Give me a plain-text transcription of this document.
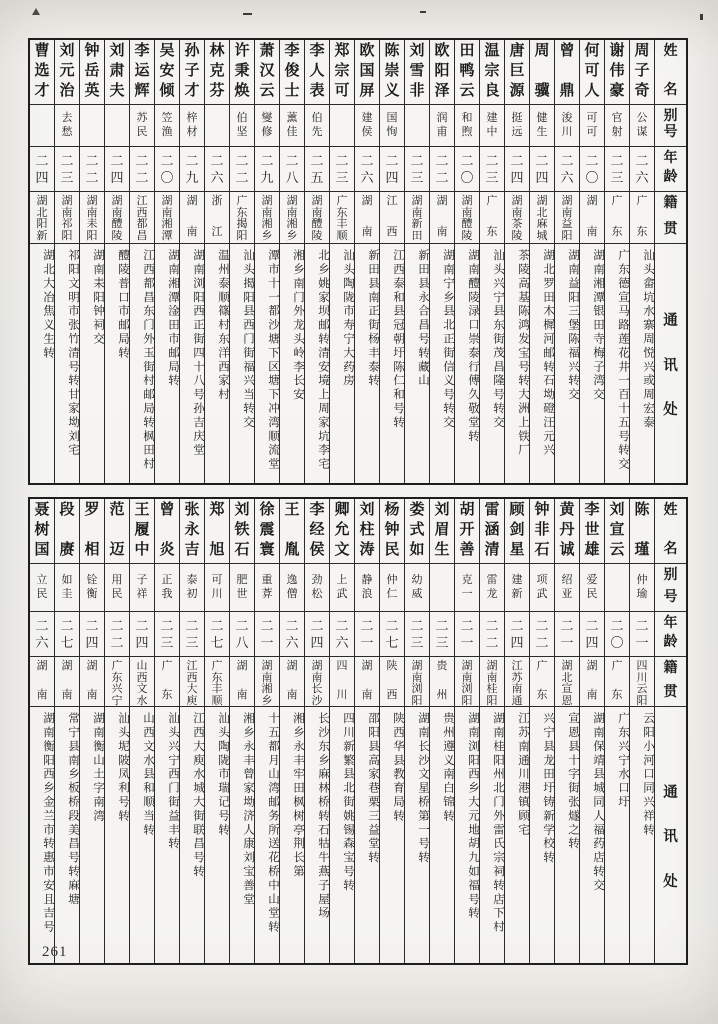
姓
名
别
号
年
龄
籍
贯
通
讯
处
周
子
奇
公
谋
二
六
广
东
汕头畲坑水寨周悦兴或周宏泰
谢
伟
豪
官
射
二
三
广
东
广东德宣马路莲花井一百十五号转交
何
可
人
可
可
二
〇
湖
南
湖南湘潭银田寺梅子湾交
曾
鼎
浚
川
二
六
湖
南
益
阳
湖南益阳三堡陈福兴转交
周
骥
健
生
二
四
湖
北
麻
城
湖北罗田木樨河邮转石坳磴汪元兴
唐
巨
源
挺
远
二
四
湖
南
茶
陵
茶陵高基陈鸿发宝号转大洲上铁厂
温
宗
良
建
中
二
三
广
东
汕头兴宁县东街茂昌隆号转交
田
鸭
云
和
煦
二
〇
湖
南
醴
陵
湖南醴陵渌口崇泰行傅久敬堂转
欧
阳
泽
润
甫
二
二
湖
南
湖南宁乡县北正街信义号转交
刘
雪
非
二
三
湖
南
新
田
新田县永合昌号转藏山
陈
崇
义
国
恂
二
四
江
西
江西泰和县冠朝圩陈仁和号转
欧
国
屏
建
侯
二
六
湖
南
新田县南正街杨丰泰转
郑
宗
可
二
三
广
东
丰
顺
汕头陶陇市寿宁大药房
李
人
表
伯
先
二
五
湖
南
醴
陵
北乡姚家坝邮转清安境上周家坑李宅
李
俊
士
薰
佳
二
八
湖
南
湘
乡
湘乡南门外龙头岭李长安
萧
汉
云
燮
修
二
九
湖
南
湘
乡
潭市十一都沙塘下区塘下冲湾顺流堂
许
秉
焕
伯
坚
二
二
广
东
揭
阳
汕头揭阳县西门街福兴当转交
林
克
芬
二
六
浙
江
温州泰顺篠村东洋西家村
孙
子
才
梓
材
二
九
湖
南
湖南浏阳西正街四十八号孙吉庆堂
吴
安
倾
笠
渔
二
〇
湖
南
湘
潭
湖南湘潭淦田市邮局转
李
运
辉
苏
民
二
二
江
西
都
昌
江西都昌东门外玉街村邮局转枫田村
刘
肃
夫
二
四
湖
南
醴
陵
醴陵普口市邮局转
钟
岳
英
二
二
湖
南
耒
阳
湖南耒阳钟祠交
刘
元
治
去
愁
二
三
湖
南
祁
阳
祁阳文明市张竹清号转甘家坳刘宅
曹
选
才
二
四
湖
北
阳
新
湖北大冶焦义生转
姓
名
别
号
年
龄
籍
贯
通
讯
处
陈
瑾
仲
瑜
二
一
四
川
云
阳
云阳小河口同兴祥转
刘
宣
云
二
〇
广
东
广东兴宁水口圩
李
世
雄
爱
民
二
四
湖
南
湖南保靖县城同人福药店转交
黄
丹
诚
绍
亚
二
一
湖
北
宣
恩
宣恩县十字街张燧之转
钟
非
石
项
武
二
二
广
东
兴宁县龙田圩铸新学校转
顾
剑
星
建
新
二
四
江
苏
南
通
江苏南通川港镇顾宅
雷
涵
清
雷
龙
二
二
湖
南
桂
阳
湖南桂阳州北门外雷氏宗祠转店下村
胡
开
善
克
一
二
一
湖
南
浏
阳
湖南浏阳西乡大元地胡九如福号转
刘
眉
生
二
三
贵
州
贵州遵义南白锦转
娄
式
如
幼
威
二
三
湖
南
浏
阳
湖南长沙文星桥第一号转
杨
钟
民
仲
仁
二
七
陕
西
陕西华县教育局转
刘
柱
涛
静
浪
二
一
湖
南
邵阳县高家巷栗三益堂转
卿
允
文
上
武
二
六
四
川
四川新繁县北街姚锡森宝号转
李
经
侯
劲
松
二
四
湖
南
长
沙
长沙东乡麻林桥转石牯牛燕子屋场
王
胤
逸
僧
二
六
湖
南
湘乡永丰牢田枫树亭荆长第
徐
震
寰
重
葊
二
一
湖
南
湘
乡
十五都月山湾邮务所送花桥中山堂转
刘
铁
石
肥
世
二
八
湖
南
湘乡永丰曾家坳济人康刘宝善堂
郑
旭
可
川
二
七
广
东
丰
顺
汕头陶陇市瑞记号转
张
永
吉
泰
初
二
三
江
西
大
庾
江西大庾水城大街联昌号转
曾
炎
正
我
二
三
广
东
汕头兴宁西门街益丰转
王
履
中
子
祥
二
四
山
西
文
水
山西文水县和顺当转
范
迈
用
民
二
二
广
东
兴
宁
汕头坭陂凤利号转
罗
相
铨
衡
二
四
湖
南
湖南衡山土字南湾
段
赓
如
圭
二
七
湖
南
常宁县南乡板桥段美昌号转麻塘
聂
树
国
立
民
二
六
湖
南
湖南衡阳西乡金兰市转惠市安且吉号
261
